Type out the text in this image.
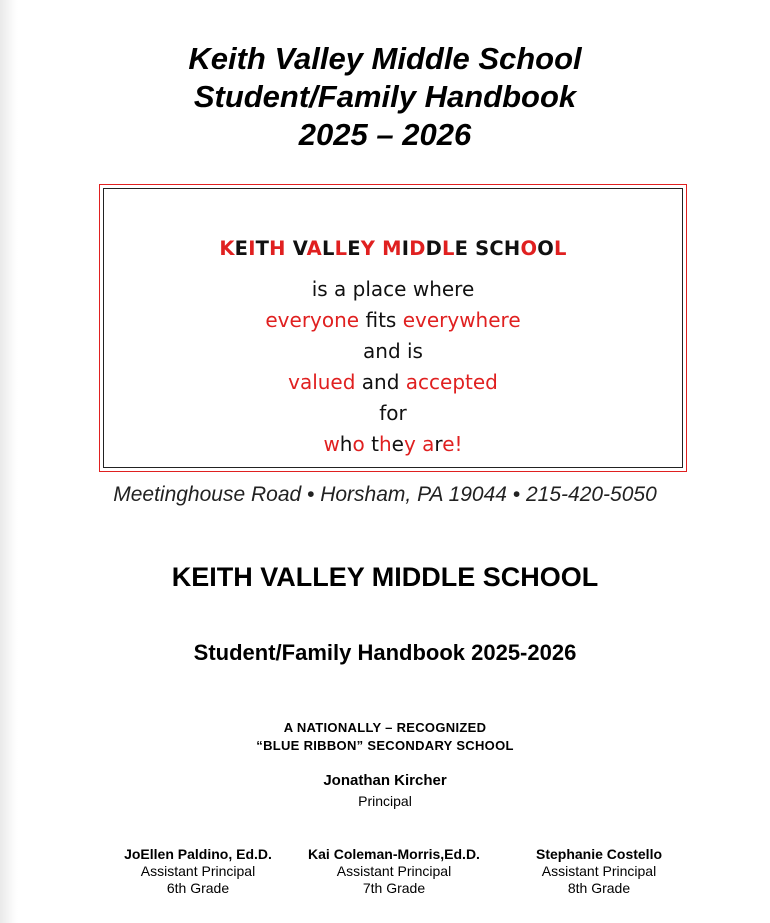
Keith Valley Middle School
Student/Family Handbook
2025 – 2026
KEITH VALLEY MIDDLE SCHOOL
is a place where
everyone fits everywhere
and is
valued and accepted
for
who they are!
Meetinghouse Road • Horsham, PA 19044 • 215-420-5050
KEITH VALLEY MIDDLE SCHOOL
Student/Family Handbook 2025-2026
A NATIONALLY – RECOGNIZED
“BLUE RIBBON” SECONDARY SCHOOL
Jonathan Kircher
Principal
JoEllen Paldino, Ed.D.
Assistant Principal
6th Grade
Kai Coleman-Morris,Ed.D.
Assistant Principal
7th Grade
Stephanie Costello
Assistant Principal
8th Grade
